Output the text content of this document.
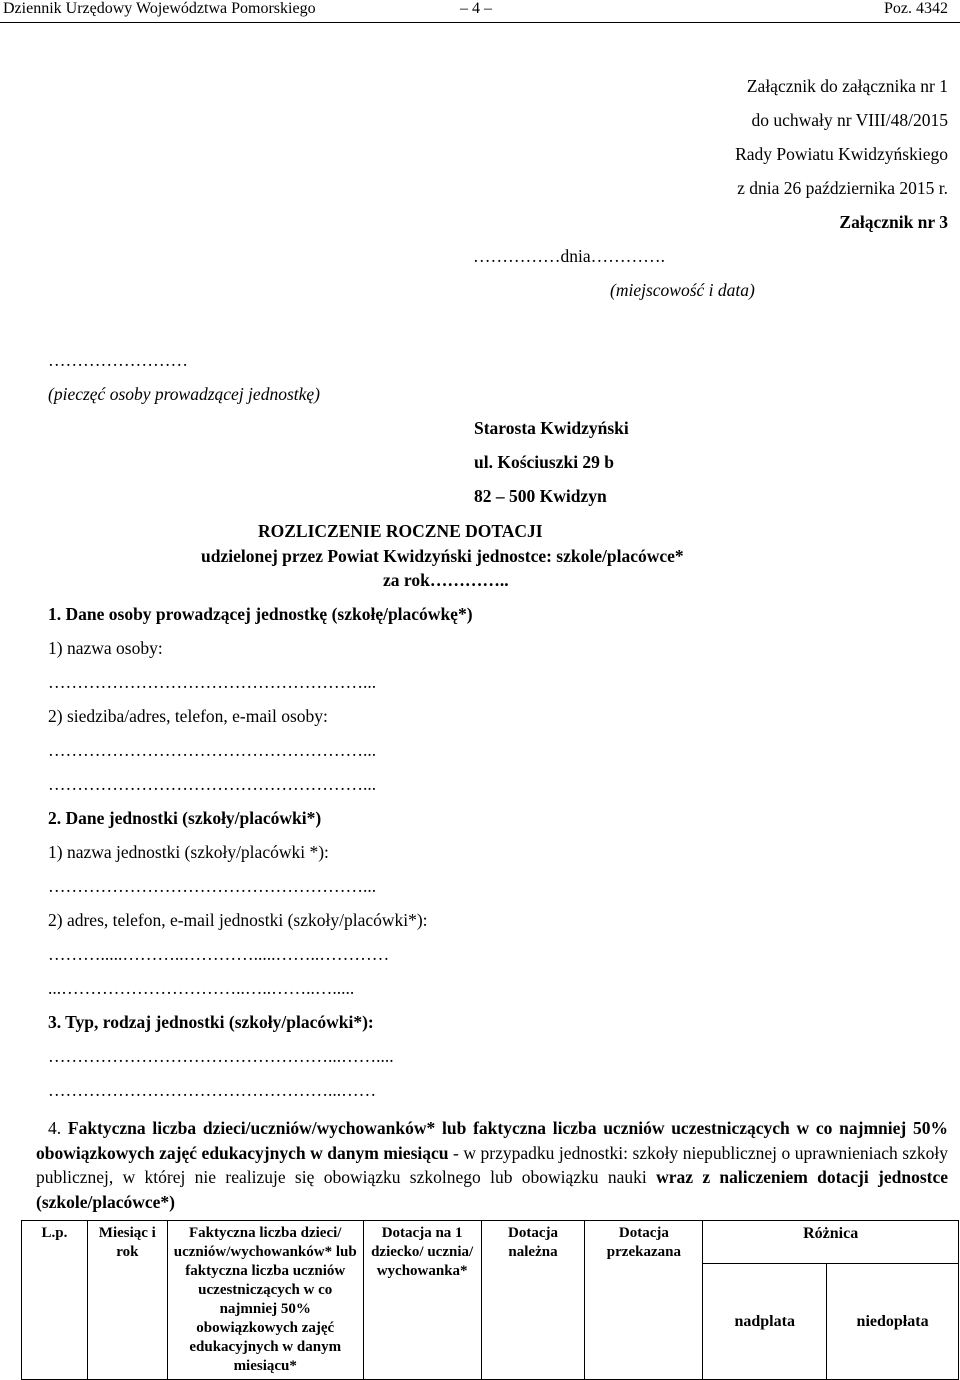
Dziennik Urzędowy Województwa Pomorskiego	– 4 –	Poz. 4342
Załącznik do załącznika nr 1
do uchwały nr VIII/48/2015
Rady Powiatu Kwidzyńskiego
z dnia 26 października 2015 r.
Załącznik nr 3
……………dnia………….
(miejscowość i data)
……………………
(pieczęć osoby prowadzącej jednostkę)
Starosta Kwidzyński
ul. Kościuszki 29 b
82 – 500 Kwidzyn
ROZLICZENIE ROCZNE DOTACJI
udzielonej przez Powiat Kwidzyński jednostce: szkole/placówce*
za rok…………..
1. Dane osoby prowadzącej jednostkę (szkołę/placówkę*)
1) nazwa osoby:
………………………………………………...
2) siedziba/adres, telefon, e-mail osoby:
………………………………………………...
………………………………………………...
2. Dane jednostki (szkoły/placówki*)
1) nazwa jednostki (szkoły/placówki *):
………………………………………………...
2) adres, telefon, e-mail jednostki (szkoły/placówki*):
……….....………..………….....……..…………
...…………………………..…..……..….....
3. Typ, rodzaj jednostki (szkoły/placówki*):
…………………………………………...……....
…………………………………………...……
4. Faktyczna liczba dzieci/uczniów/wychowanków* lub faktyczna liczba uczniów uczestniczących w co najmniej 50% obowiązkowych zajęć edukacyjnych w danym miesiącu - w przypadku jednostki: szkoły niepublicznej o uprawnieniach szkoły publicznej, w której nie realizuje się obowiązku szkolnego lub obowiązku nauki wraz z naliczeniem dotacji jednostce (szkole/placówce*)
L.p.	Miesiąc i rok	Faktyczna liczba dzieci/ uczniów/wychowanków* lub faktyczna liczba uczniów uczestniczących w co najmniej 50% obowiązkowych zajęć edukacyjnych w danym miesiącu*	Dotacja na 1 dziecko/ ucznia/ wychowanka*	Dotacja należna	Dotacja przekazana	Różnica	
						nadplata	niedopłata
